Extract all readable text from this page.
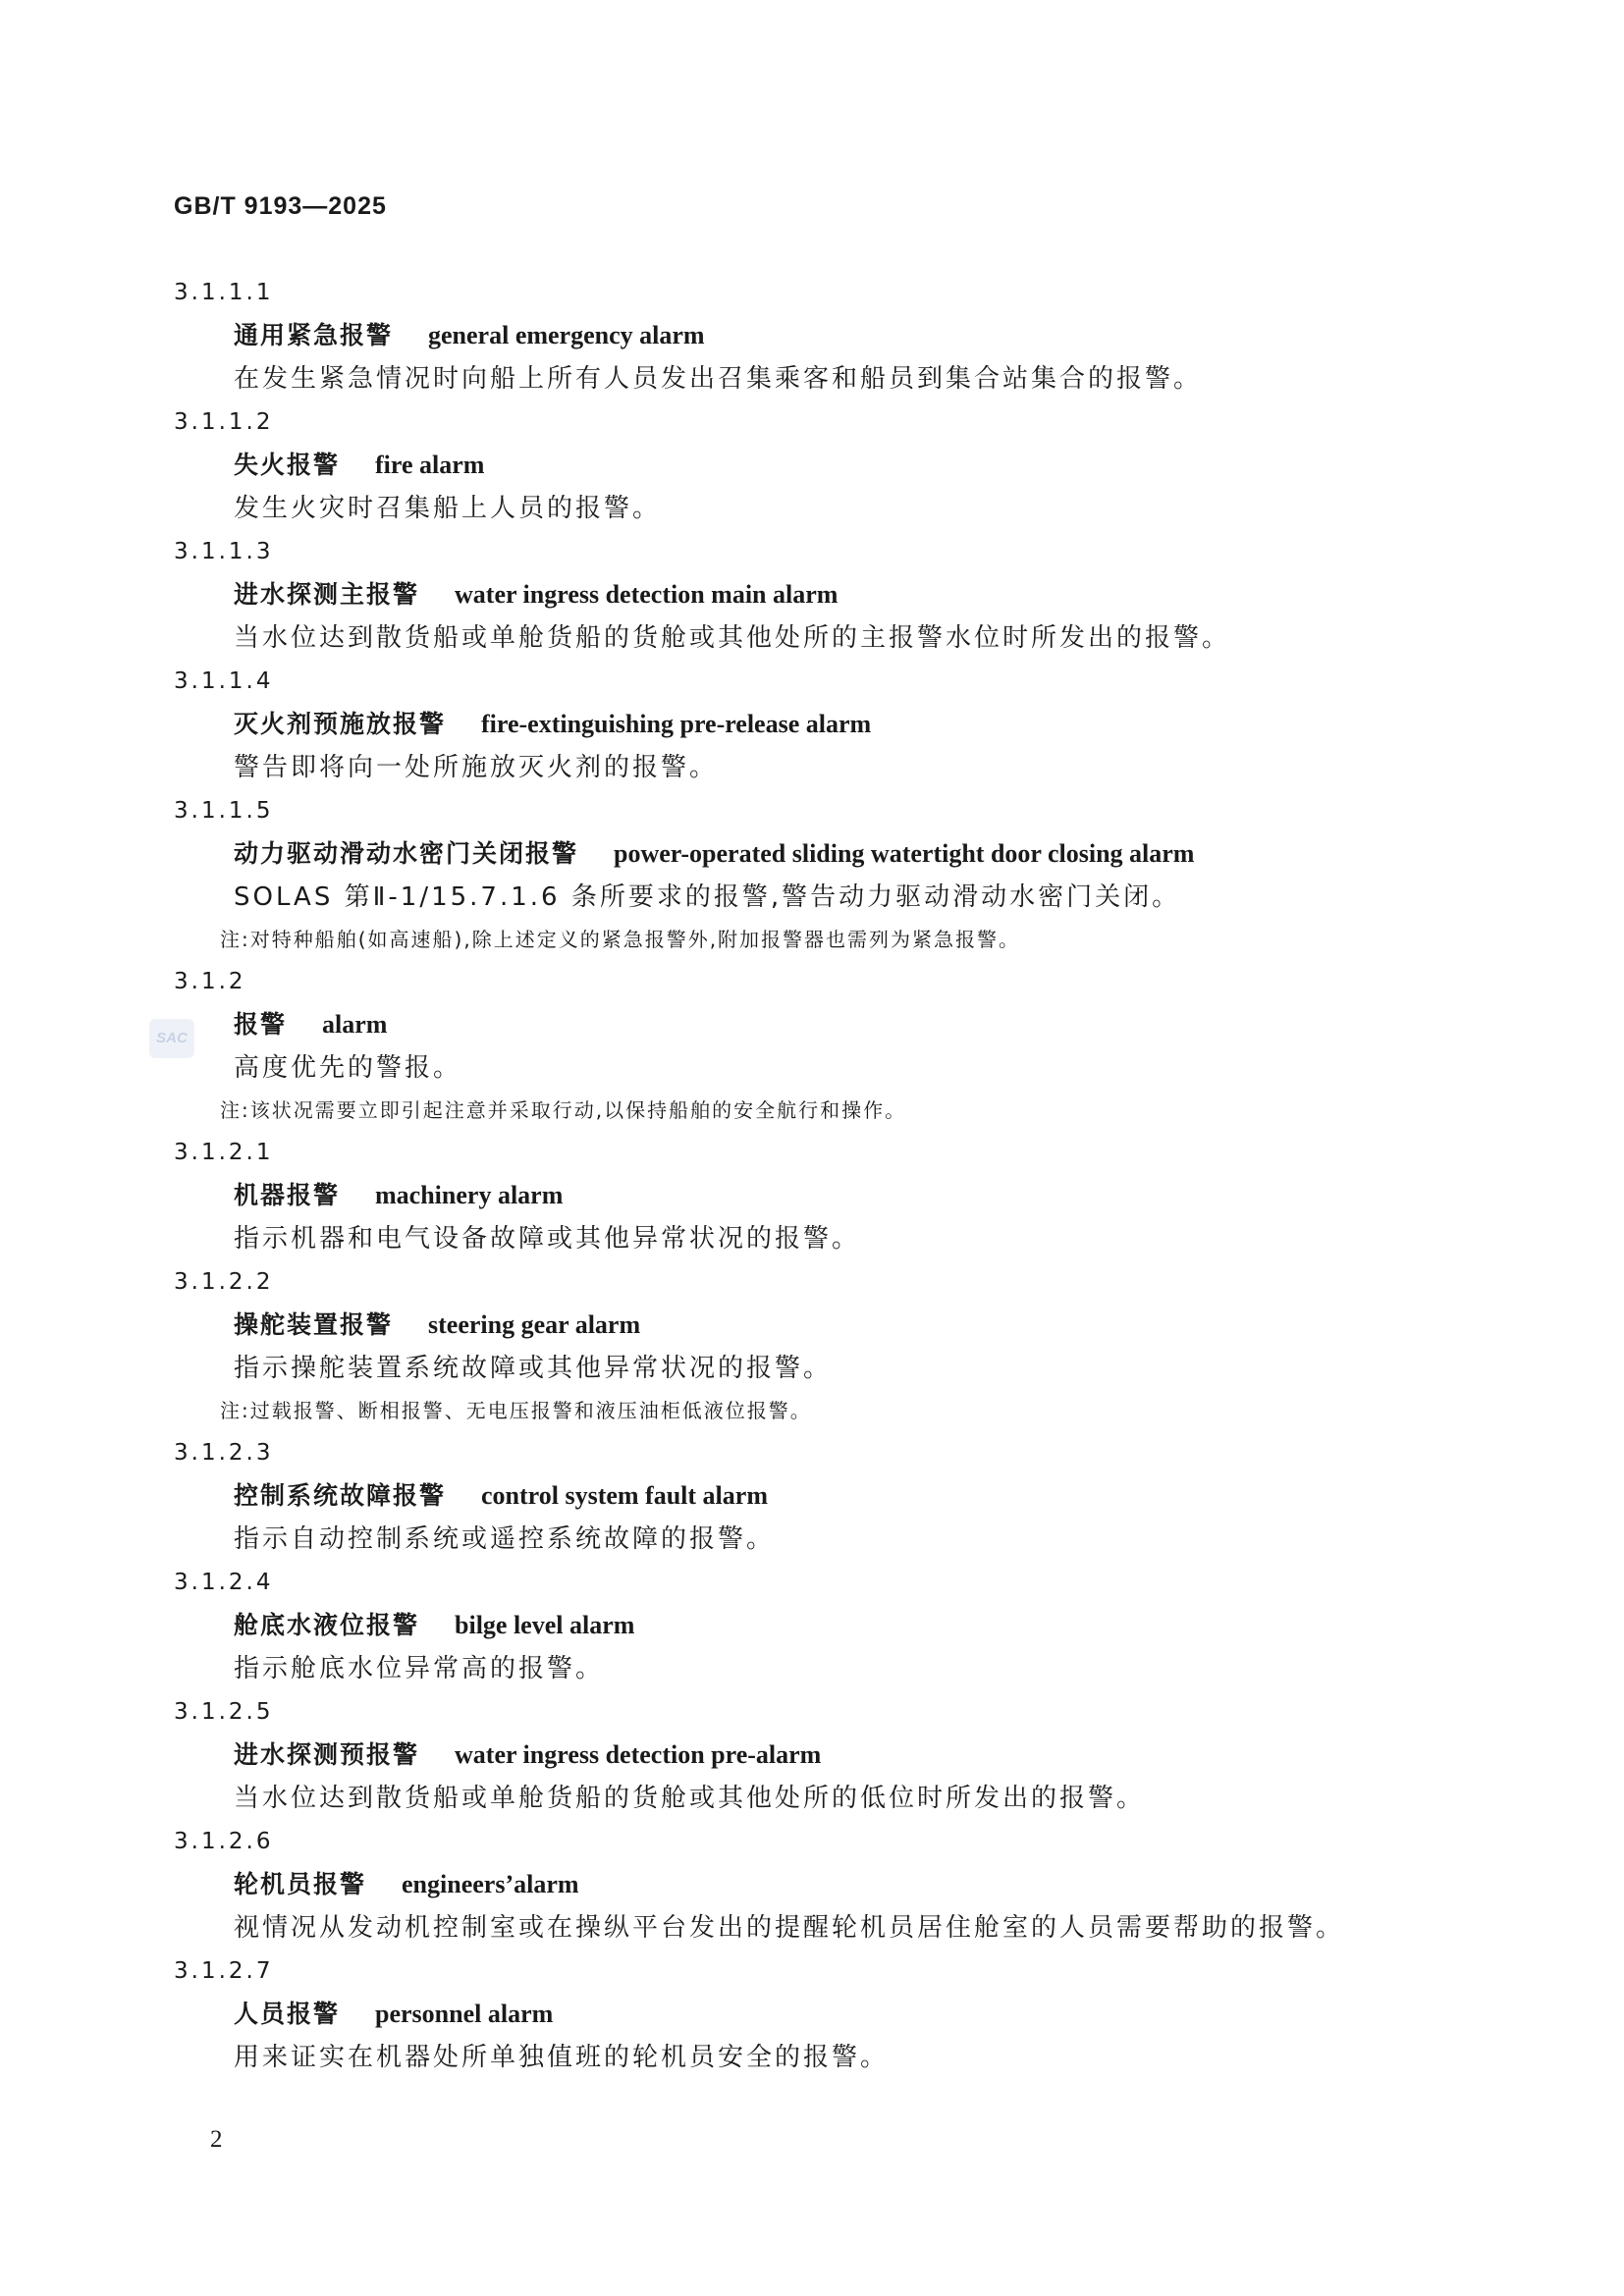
GB/T 9193—2025
SAC
3.1.1.1
通用紧急报警 general emergency alarm
在发生紧急情况时向船上所有人员发出召集乘客和船员到集合站集合的报警。
3.1.1.2
失火报警 fire alarm
发生火灾时召集船上人员的报警。
3.1.1.3
进水探测主报警 water ingress detection main alarm
当水位达到散货船或单舱货船的货舱或其他处所的主报警水位时所发出的报警。
3.1.1.4
灭火剂预施放报警 fire-extinguishing pre-release alarm
警告即将向一处所施放灭火剂的报警。
3.1.1.5
动力驱动滑动水密门关闭报警 power-operated sliding watertight door closing alarm
SOLAS 第Ⅱ-1/15.7.1.6 条所要求的报警,警告动力驱动滑动水密门关闭。
注:对特种船舶(如高速船),除上述定义的紧急报警外,附加报警器也需列为紧急报警。
3.1.2
报警 alarm
高度优先的警报。
注:该状况需要立即引起注意并采取行动,以保持船舶的安全航行和操作。
3.1.2.1
机器报警 machinery alarm
指示机器和电气设备故障或其他异常状况的报警。
3.1.2.2
操舵装置报警 steering gear alarm
指示操舵装置系统故障或其他异常状况的报警。
注:过载报警、断相报警、无电压报警和液压油柜低液位报警。
3.1.2.3
控制系统故障报警 control system fault alarm
指示自动控制系统或遥控系统故障的报警。
3.1.2.4
舱底水液位报警 bilge level alarm
指示舱底水位异常高的报警。
3.1.2.5
进水探测预报警 water ingress detection pre-alarm
当水位达到散货船或单舱货船的货舱或其他处所的低位时所发出的报警。
3.1.2.6
轮机员报警 engineers’alarm
视情况从发动机控制室或在操纵平台发出的提醒轮机员居住舱室的人员需要帮助的报警。
3.1.2.7
人员报警 personnel alarm
用来证实在机器处所单独值班的轮机员安全的报警。
2
